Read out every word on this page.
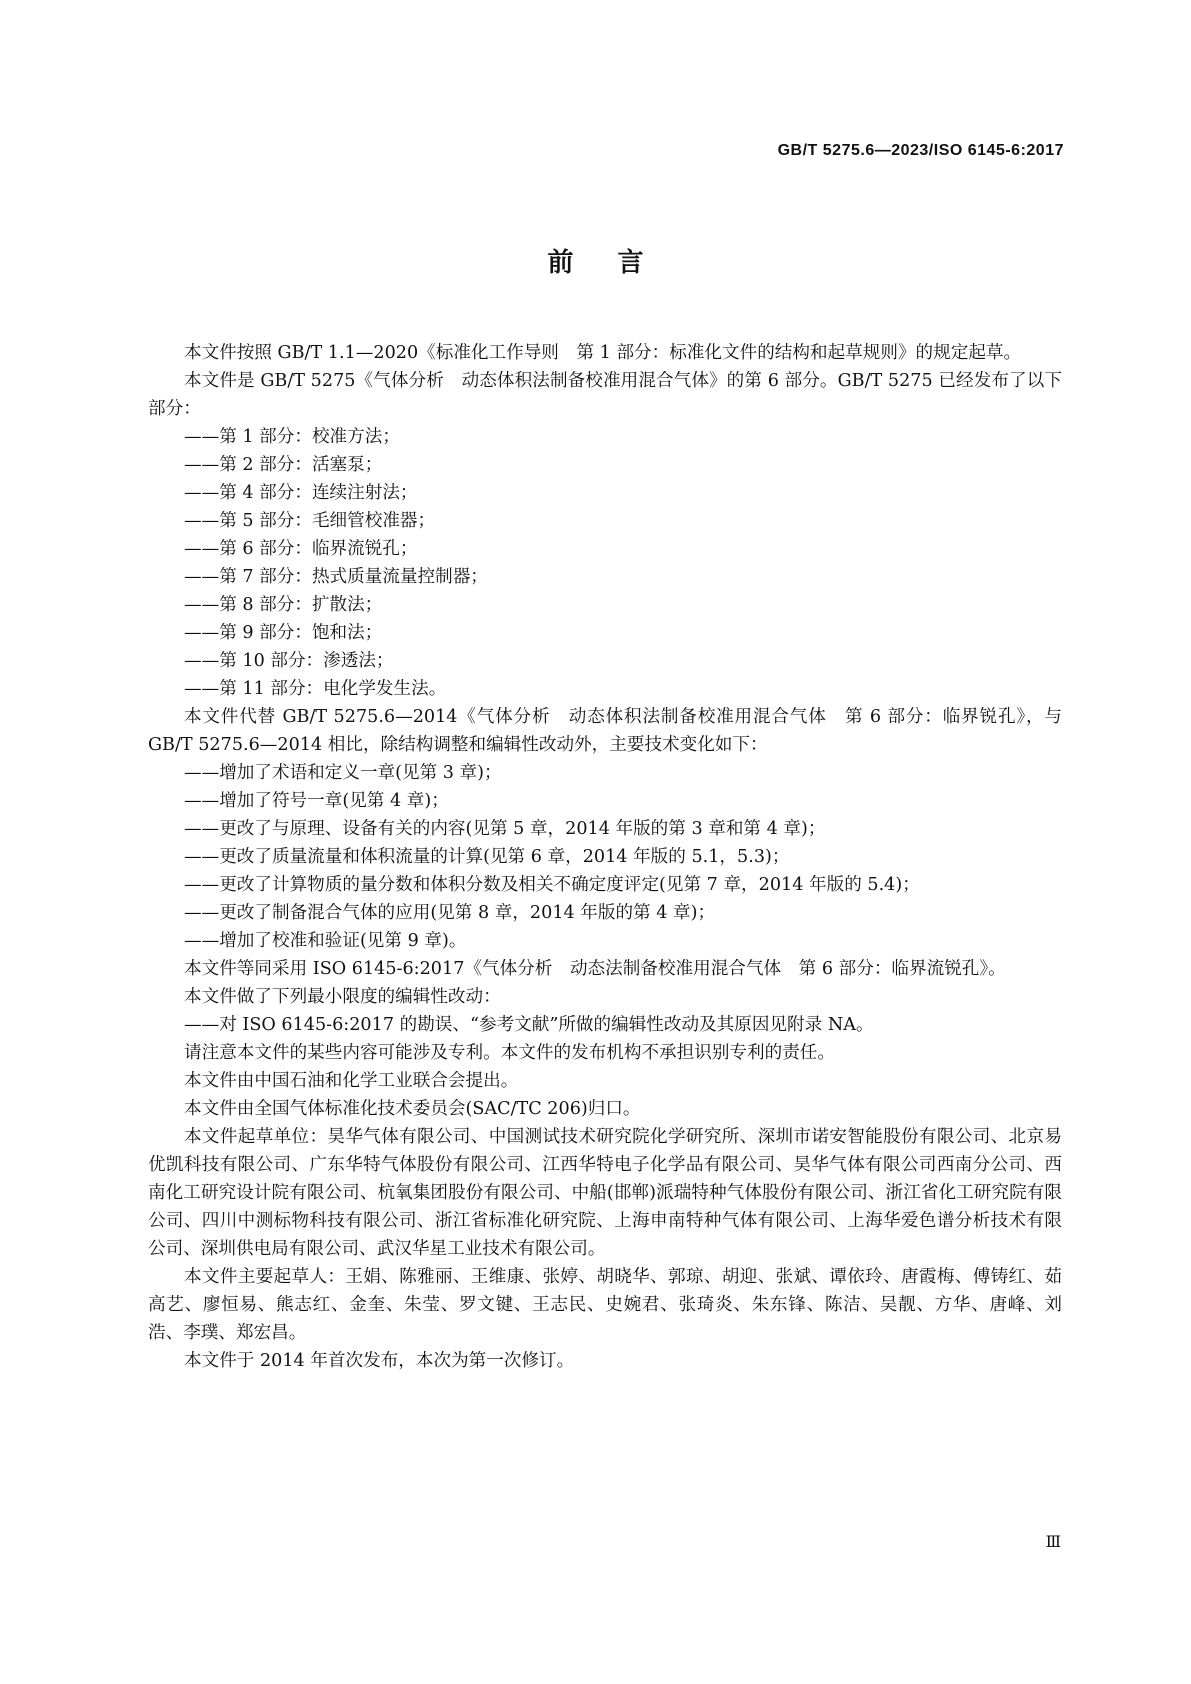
GB/T 5275.6—2023/ISO 6145-6:2017
前言

本文件按照 GB/T 1.1—2020《标准化工作导则　第 1 部分：标准化文件的结构和起草规则》的规定起草。

本文件是 GB/T 5275《气体分析　动态体积法制备校准用混合气体》的第 6 部分。GB/T 5275 已经发布了以下部分：

——第 1 部分：校准方法；

——第 2 部分：活塞泵；

——第 4 部分：连续注射法；

——第 5 部分：毛细管校准器；

——第 6 部分：临界流锐孔；

——第 7 部分：热式质量流量控制器；

——第 8 部分：扩散法；

——第 9 部分：饱和法；

——第 10 部分：渗透法；

——第 11 部分：电化学发生法。

本文件代替 GB/T 5275.6—2014《气体分析　动态体积法制备校准用混合气体　第 6 部分：临界锐孔》，与 GB/T 5275.6—2014 相比，除结构调整和编辑性改动外，主要技术变化如下：

——增加了术语和定义一章(见第 3 章)；

——增加了符号一章(见第 4 章)；

——更改了与原理、设备有关的内容(见第 5 章，2014 年版的第 3 章和第 4 章)；

——更改了质量流量和体积流量的计算(见第 6 章，2014 年版的 5.1，5.3)；

——更改了计算物质的量分数和体积分数及相关不确定度评定(见第 7 章，2014 年版的 5.4)；

——更改了制备混合气体的应用(见第 8 章，2014 年版的第 4 章)；

——增加了校准和验证(见第 9 章)。

本文件等同采用 ISO 6145-6:2017《气体分析　动态法制备校准用混合气体　第 6 部分：临界流锐孔》。

本文件做了下列最小限度的编辑性改动：

——对 ISO 6145-6:2017 的勘误、“参考文献”所做的编辑性改动及其原因见附录 NA。

请注意本文件的某些内容可能涉及专利。本文件的发布机构不承担识别专利的责任。

本文件由中国石油和化学工业联合会提出。

本文件由全国气体标准化技术委员会(SAC/TC 206)归口。

本文件起草单位：昊华气体有限公司、中国测试技术研究院化学研究所、深圳市诺安智能股份有限公司、北京易优凯科技有限公司、广东华特气体股份有限公司、江西华特电子化学品有限公司、昊华气体有限公司西南分公司、西南化工研究设计院有限公司、杭氧集团股份有限公司、中船(邯郸)派瑞特种气体股份有限公司、浙江省化工研究院有限公司、四川中测标物科技有限公司、浙江省标准化研究院、上海申南特种气体有限公司、上海华爱色谱分析技术有限公司、深圳供电局有限公司、武汉华星工业技术有限公司。

本文件主要起草人：王娟、陈雅丽、王维康、张婷、胡晓华、郭琼、胡迎、张斌、谭依玲、唐霞梅、傅铸红、茹高艺、廖恒易、熊志红、金奎、朱莹、罗文键、王志民、史婉君、张琦炎、朱东锋、陈洁、吴靓、方华、唐峰、刘浩、李璞、郑宏昌。

本文件于 2014 年首次发布，本次为第一次修订。

Ⅲ
